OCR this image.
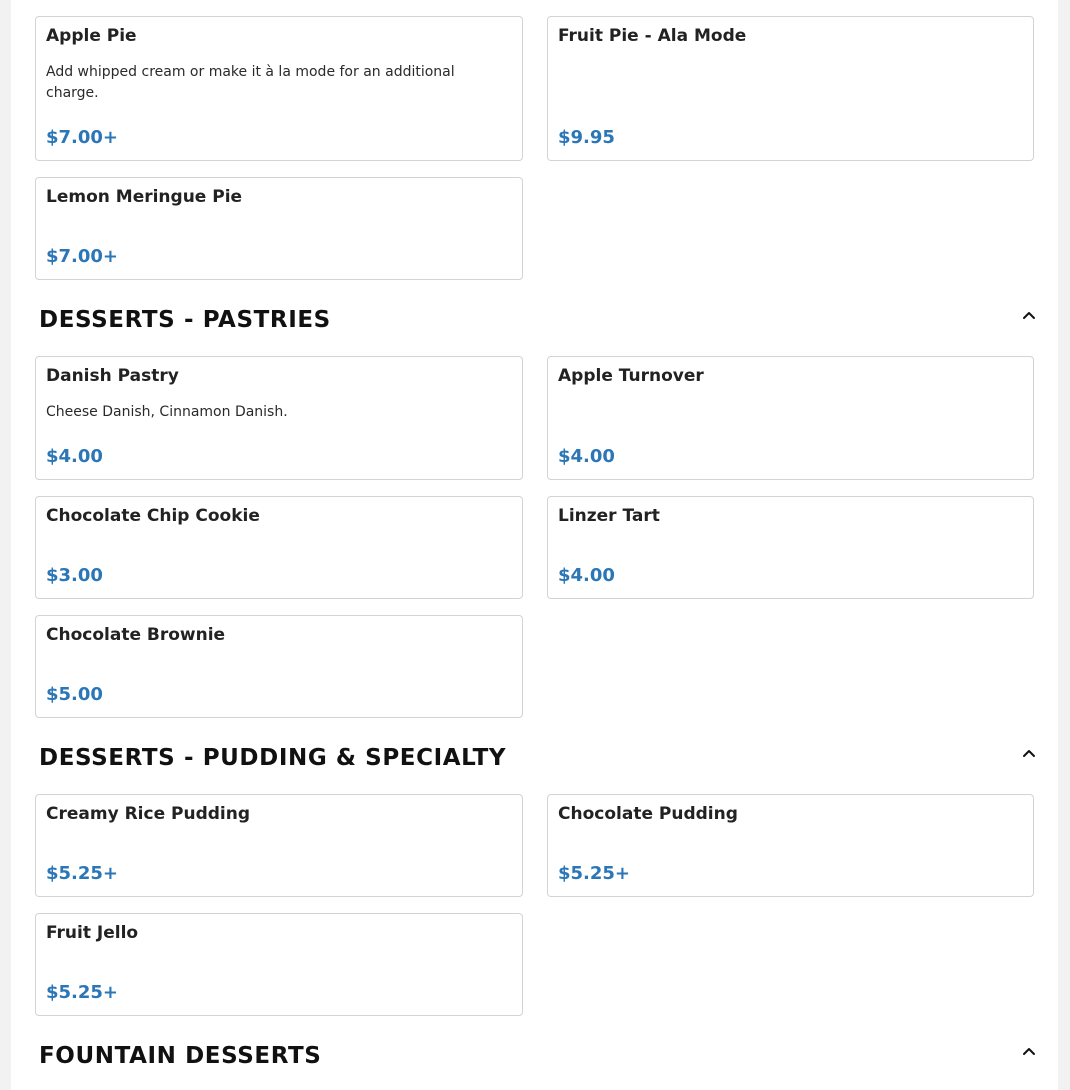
Apple Pie
Add whipped cream or make it à la mode for an additional charge.
$7.00+
Fruit Pie - Ala Mode
$9.95
Lemon Meringue Pie
$7.00+
DESSERTS - PASTRIES
Danish Pastry
Cheese Danish, Cinnamon Danish.
$4.00
Apple Turnover
$4.00
Chocolate Chip Cookie
$3.00
Linzer Tart
$4.00
Chocolate Brownie
$5.00
DESSERTS - PUDDING & SPECIALTY
Creamy Rice Pudding
$5.25+
Chocolate Pudding
$5.25+
Fruit Jello
$5.25+
FOUNTAIN DESSERTS
